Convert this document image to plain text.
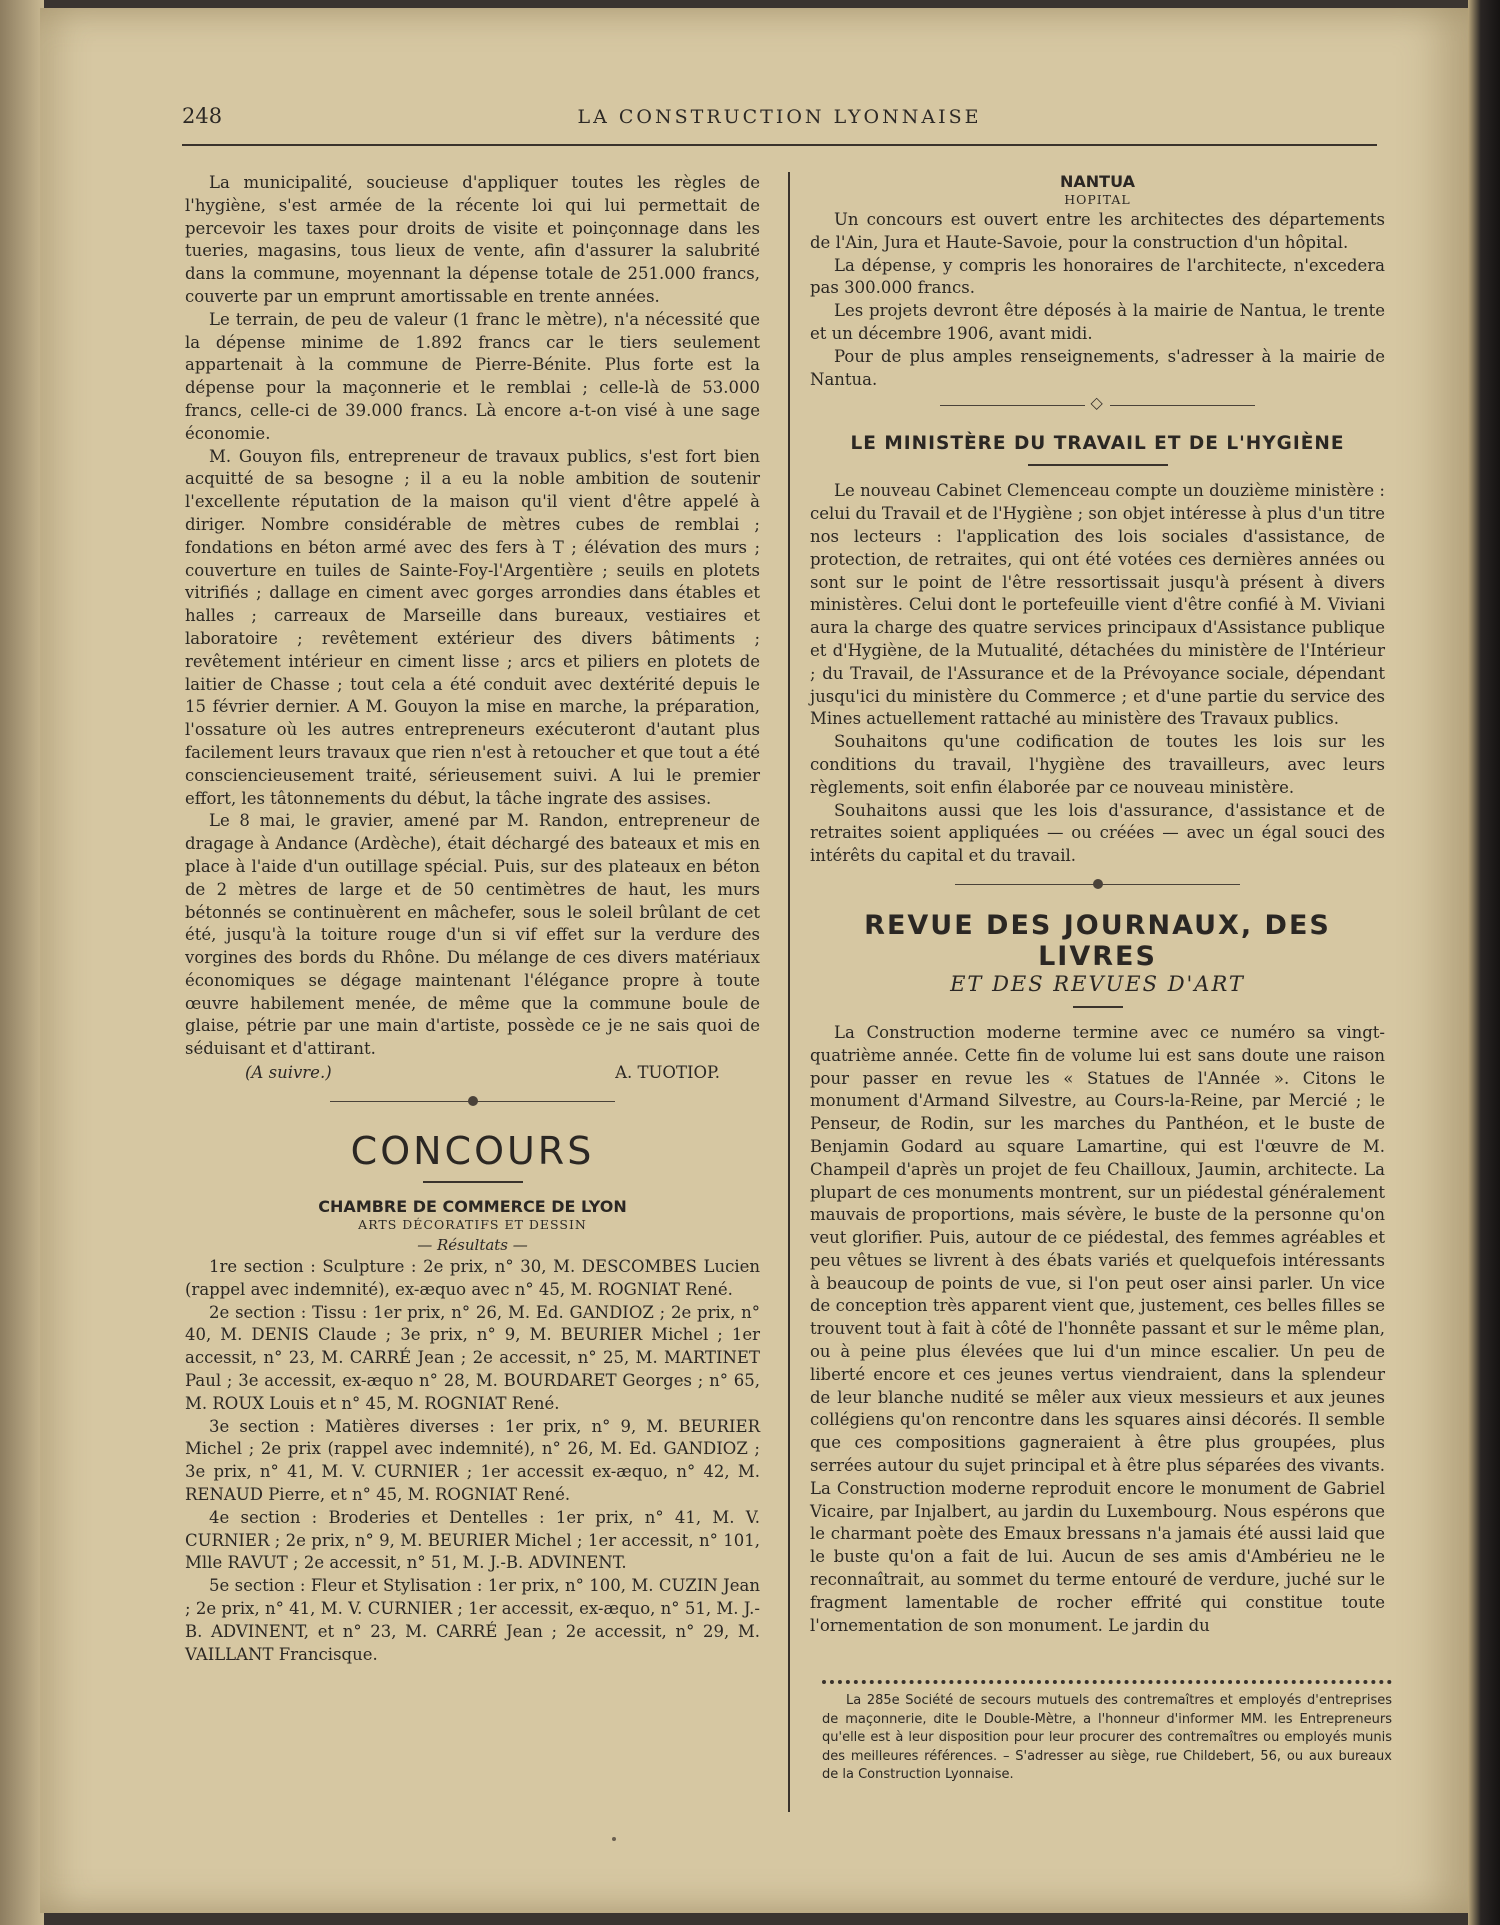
248	LA CONSTRUCTION LYONNAISE

La municipalité, soucieuse d'appliquer toutes les règles de l'hygiène, s'est armée de la récente loi qui lui permettait de percevoir les taxes pour droits de visite et poinçonnage dans les tueries, magasins, tous lieux de vente, afin d'assurer la salubrité dans la commune, moyennant la dépense totale de 251.000 francs, couverte par un emprunt amortissable en trente années.

Le terrain, de peu de valeur (1 franc le mètre), n'a nécessité que la dépense minime de 1.892 francs car le tiers seulement appartenait à la commune de Pierre-Bénite. Plus forte est la dépense pour la maçonnerie et le remblai ; celle-là de 53.000 francs, celle-ci de 39.000 francs. Là encore a-t-on visé à une sage économie.

M. Gouyon fils, entrepreneur de travaux publics, s'est fort bien acquitté de sa besogne ; il a eu la noble ambition de soutenir l'excellente réputation de la maison qu'il vient d'être appelé à diriger. Nombre considérable de mètres cubes de remblai ; fondations en béton armé avec des fers à T ; élévation des murs ; couverture en tuiles de Sainte-Foy-l'Argentière ; seuils en plotets vitrifiés ; dallage en ciment avec gorges arrondies dans étables et halles ; carreaux de Marseille dans bureaux, vestiaires et laboratoire ; revêtement extérieur des divers bâtiments ; revêtement intérieur en ciment lisse ; arcs et piliers en plotets de laitier de Chasse ; tout cela a été conduit avec dextérité depuis le 15 février dernier. A M. Gouyon la mise en marche, la préparation, l'ossature où les autres entrepreneurs exécuteront d'autant plus facilement leurs travaux que rien n'est à retoucher et que tout a été consciencieusement traité, sérieusement suivi. A lui le premier effort, les tâtonnements du début, la tâche ingrate des assises.

Le 8 mai, le gravier, amené par M. Randon, entrepreneur de dragage à Andance (Ardèche), était déchargé des bateaux et mis en place à l'aide d'un outillage spécial. Puis, sur des plateaux en béton de 2 mètres de large et de 50 centimètres de haut, les murs bétonnés se continuèrent en mâchefer, sous le soleil brûlant de cet été, jusqu'à la toiture rouge d'un si vif effet sur la verdure des vorgines des bords du Rhône. Du mélange de ces divers matériaux économiques se dégage maintenant l'élégance propre à toute œuvre habilement menée, de même que la commune boule de glaise, pétrie par une main d'artiste, possède ce je ne sais quoi de séduisant et d'attirant.

(A suivre.)	A. TUOTIOP.
CONCOURS
CHAMBRE DE COMMERCE DE LYON
ARTS DÉCORATIFS ET DESSIN
— Résultats —

1re section : Sculpture : 2e prix, n° 30, M. DESCOMBES Lucien (rappel avec indemnité), ex-æquo avec n° 45, M. ROGNIAT René.

2e section : Tissu : 1er prix, n° 26, M. Ed. GANDIOZ ; 2e prix, n° 40, M. DENIS Claude ; 3e prix, n° 9, M. BEURIER Michel ; 1er accessit, n° 23, M. CARRÉ Jean ; 2e accessit, n° 25, M. MARTINET Paul ; 3e accessit, ex-æquo n° 28, M. BOURDARET Georges ; n° 65, M. ROUX Louis et n° 45, M. ROGNIAT René.

3e section : Matières diverses : 1er prix, n° 9, M. BEURIER Michel ; 2e prix (rappel avec indemnité), n° 26, M. Ed. GANDIOZ ; 3e prix, n° 41, M. V. CURNIER ; 1er accessit ex-æquo, n° 42, M. RENAUD Pierre, et n° 45, M. ROGNIAT René.

4e section : Broderies et Dentelles : 1er prix, n° 41, M. V. CURNIER ; 2e prix, n° 9, M. BEURIER Michel ; 1er accessit, n° 101, Mlle RAVUT ; 2e accessit, n° 51, M. J.-B. ADVINENT.

5e section : Fleur et Stylisation : 1er prix, n° 100, M. CUZIN Jean ; 2e prix, n° 41, M. V. CURNIER ; 1er accessit, ex-æquo, n° 51, M. J.-B. ADVINENT, et n° 23, M. CARRÉ Jean ; 2e accessit, n° 29, M. VAILLANT Francisque.

NANTUA
HOPITAL

Un concours est ouvert entre les architectes des départements de l'Ain, Jura et Haute-Savoie, pour la construction d'un hôpital.

La dépense, y compris les honoraires de l'architecte, n'excedera pas 300.000 francs.

Les projets devront être déposés à la mairie de Nantua, le trente et un décembre 1906, avant midi.

Pour de plus amples renseignements, s'adresser à la mairie de Nantua.

◇
LE MINISTÈRE DU TRAVAIL ET DE L'HYGIÈNE

Le nouveau Cabinet Clemenceau compte un douzième ministère : celui du Travail et de l'Hygiène ; son objet intéresse à plus d'un titre nos lecteurs : l'application des lois sociales d'assistance, de protection, de retraites, qui ont été votées ces dernières années ou sont sur le point de l'être ressortissait jusqu'à présent à divers ministères. Celui dont le portefeuille vient d'être confié à M. Viviani aura la charge des quatre services principaux d'Assistance publique et d'Hygiène, de la Mutualité, détachées du ministère de l'Intérieur ; du Travail, de l'Assurance et de la Prévoyance sociale, dépendant jusqu'ici du ministère du Commerce ; et d'une partie du service des Mines actuellement rattaché au ministère des Travaux publics.

Souhaitons qu'une codification de toutes les lois sur les conditions du travail, l'hygiène des travailleurs, avec leurs règlements, soit enfin élaborée par ce nouveau ministère.

Souhaitons aussi que les lois d'assurance, d'assistance et de retraites soient appliquées — ou créées — avec un égal souci des intérêts du capital et du travail.

REVUE DES JOURNAUX, DES LIVRES
ET DES REVUES D'ART

La Construction moderne termine avec ce numéro sa vingt-quatrième année. Cette fin de volume lui est sans doute une raison pour passer en revue les « Statues de l'Année ». Citons le monument d'Armand Silvestre, au Cours-la-Reine, par Mercié ; le Penseur, de Rodin, sur les marches du Panthéon, et le buste de Benjamin Godard au square Lamartine, qui est l'œuvre de M. Champeil d'après un projet de feu Chailloux, Jaumin, architecte. La plupart de ces monuments montrent, sur un piédestal généralement mauvais de proportions, mais sévère, le buste de la personne qu'on veut glorifier. Puis, autour de ce piédestal, des femmes agréables et peu vêtues se livrent à des ébats variés et quelquefois intéressants à beaucoup de points de vue, si l'on peut oser ainsi parler. Un vice de conception très apparent vient que, justement, ces belles filles se trouvent tout à fait à côté de l'honnête passant et sur le même plan, ou à peine plus élevées que lui d'un mince escalier. Un peu de liberté encore et ces jeunes vertus viendraient, dans la splendeur de leur blanche nudité se mêler aux vieux messieurs et aux jeunes collégiens qu'on rencontre dans les squares ainsi décorés. Il semble que ces compositions gagneraient à être plus groupées, plus serrées autour du sujet principal et à être plus séparées des vivants. La Construction moderne reproduit encore le monument de Gabriel Vicaire, par Injalbert, au jardin du Luxembourg. Nous espérons que le charmant poète des Emaux bressans n'a jamais été aussi laid que le buste qu'on a fait de lui. Aucun de ses amis d'Ambérieu ne le reconnaîtrait, au sommet du terme entouré de verdure, juché sur le fragment lamentable de rocher effrité qui constitue toute l'ornementation de son monument. Le jardin du

La 285e Société de secours mutuels des contremaîtres et employés d'entreprises de maçonnerie, dite le Double-Mètre, a l'honneur d'informer MM. les Entrepreneurs qu'elle est à leur disposition pour leur procurer des contremaîtres ou employés munis des meilleures références. – S'adresser au siège, rue Childebert, 56, ou aux bureaux de la Construction Lyonnaise.
